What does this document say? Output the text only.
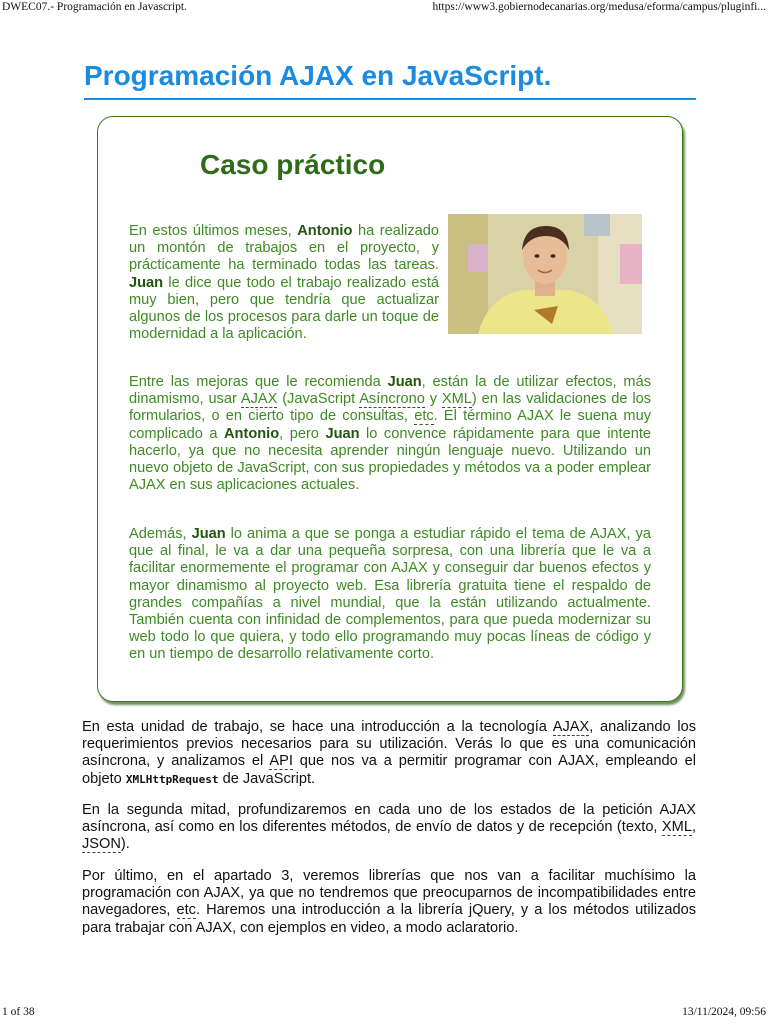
DWEC07.- Programación en Javascript.	https://www3.gobiernodecanarias.org/medusa/eforma/campus/pluginfi...
Programación AJAX en JavaScript.
Caso práctico

En estos últimos meses, Antonio ha realizado un montón de trabajos en el proyecto, y prácticamente ha terminado todas las tareas. Juan le dice que todo el trabajo realizado está muy bien, pero que tendría que actualizar algunos de los procesos para darle un toque de modernidad a la aplicación.

Entre las mejoras que le recomienda Juan, están la de utilizar efectos, más dinamismo, usar AJAX (JavaScript Asíncrono y XML) en las validaciones de los formularios, o en cierto tipo de consultas, etc. El término AJAX le suena muy complicado a Antonio, pero Juan lo convence rápidamente para que intente hacerlo, ya que no necesita aprender ningún lenguaje nuevo. Utilizando un nuevo objeto de JavaScript, con sus propiedades y métodos va a poder emplear AJAX en sus aplicaciones actuales.

Además, Juan lo anima a que se ponga a estudiar rápido el tema de AJAX, ya que al final, le va a dar una pequeña sorpresa, con una librería que le va a facilitar enormemente el programar con AJAX y conseguir dar buenos efectos y mayor dinamismo al proyecto web. Esa librería gratuita tiene el respaldo de grandes compañías a nivel mundial, que la están utilizando actualmente. También cuenta con infinidad de complementos, para que pueda modernizar su web todo lo que quiera, y todo ello programando muy pocas líneas de código y en un tiempo de desarrollo relativamente corto.

En esta unidad de trabajo, se hace una introducción a la tecnología AJAX, analizando los requerimientos previos necesarios para su utilización. Verás lo que es una comunicación asíncrona, y analizamos el API que nos va a permitir programar con AJAX, empleando el objeto XMLHttpRequest de JavaScript.

En la segunda mitad, profundizaremos en cada uno de los estados de la petición AJAX asíncrona, así como en los diferentes métodos, de envío de datos y de recepción (texto, XML, JSON).

Por último, en el apartado 3, veremos librerías que nos van a facilitar muchísimo la programación con AJAX, ya que no tendremos que preocuparnos de incompatibilidades entre navegadores, etc. Haremos una introducción a la librería jQuery, y a los métodos utilizados para trabajar con AJAX, con ejemplos en video, a modo aclaratorio.

1 of 38	13/11/2024, 09:56
